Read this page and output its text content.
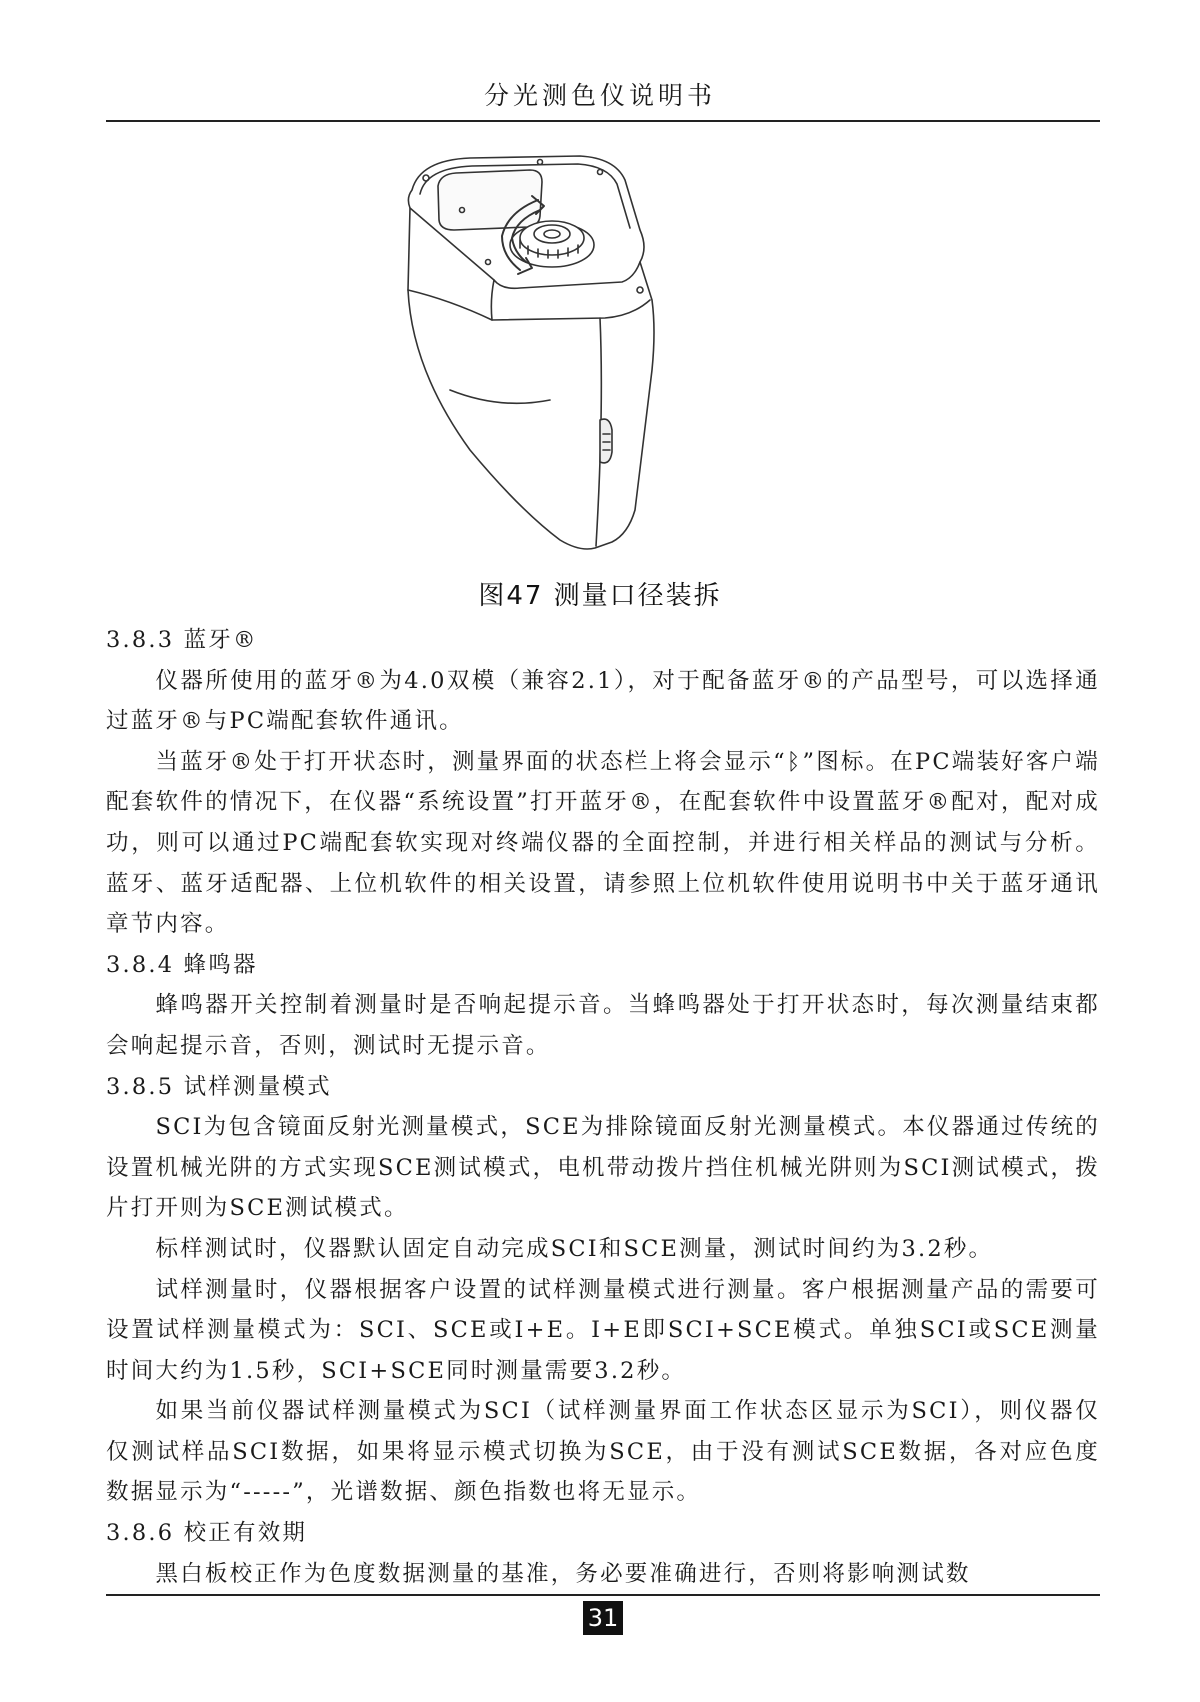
分光测色仪说明书
图47 测量口径装拆

3.8.3 蓝牙®

仪器所使用的蓝牙®为4.0双模（兼容2.1），对于配备蓝牙®的产品型号，可以选择通过蓝牙®与PC端配套软件通讯。

当蓝牙®处于打开状态时，测量界面的状态栏上将会显示“ᛒ”图标。在PC端装好客户端配套软件的情况下，在仪器“系统设置”打开蓝牙®，在配套软件中设置蓝牙®配对，配对成功，则可以通过PC端配套软实现对终端仪器的全面控制，并进行相关样品的测试与分析。蓝牙、蓝牙适配器、上位机软件的相关设置，请参照上位机软件使用说明书中关于蓝牙通讯章节内容。

3.8.4 蜂鸣器

蜂鸣器开关控制着测量时是否响起提示音。当蜂鸣器处于打开状态时，每次测量结束都会响起提示音，否则，测试时无提示音。

3.8.5 试样测量模式

SCI为包含镜面反射光测量模式，SCE为排除镜面反射光测量模式。本仪器通过传统的设置机械光阱的方式实现SCE测试模式，电机带动拨片挡住机械光阱则为SCI测试模式，拨片打开则为SCE测试模式。

标样测试时，仪器默认固定自动完成SCI和SCE测量，测试时间约为3.2秒。

试样测量时，仪器根据客户设置的试样测量模式进行测量。客户根据测量产品的需要可设置试样测量模式为：SCI、SCE或I+E。I+E即SCI+SCE模式。单独SCI或SCE测量时间大约为1.5秒，SCI+SCE同时测量需要3.2秒。

如果当前仪器试样测量模式为SCI（试样测量界面工作状态区显示为SCI），则仪器仅仅测试样品SCI数据，如果将显示模式切换为SCE，由于没有测试SCE数据，各对应色度数据显示为“-----”，光谱数据、颜色指数也将无显示。

3.8.6 校正有效期

黑白板校正作为色度数据测量的基准，务必要准确进行，否则将影响测试数

31
